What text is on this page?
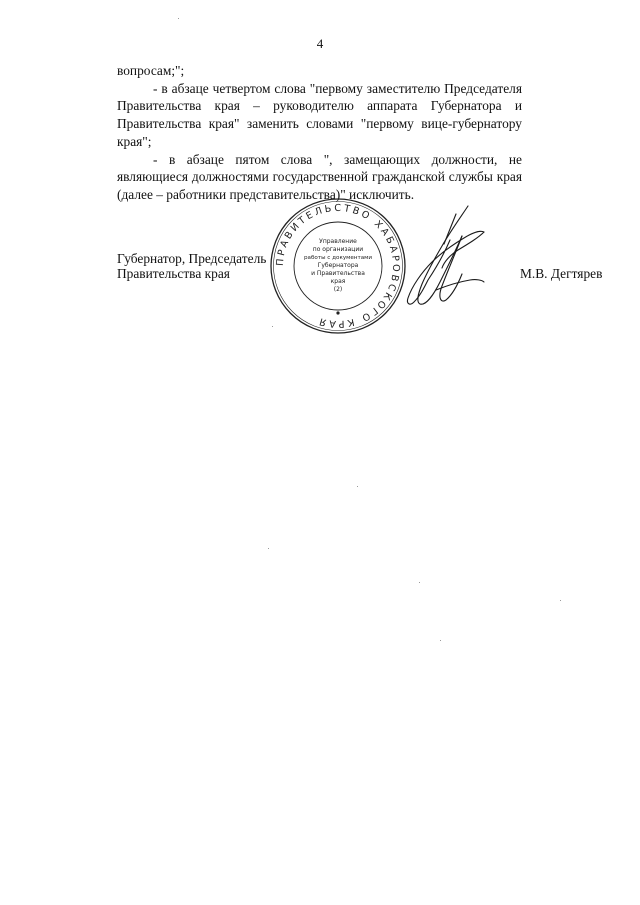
4

вопросам;";

- в абзаце четвертом слова "первому заместителю Председателя Правительства края – руководителю аппарата Губернатора и Правительства края" заменить словами "первому вице-губернатору края";

- в абзаце пятом слова ", замещающих должности, не являющиеся должностями государственной гражданской службы края (далее – работники представительства)" исключить.

Губернатор, Председатель
Правительства края	М.В. Дегтярев
ПРАВИТЕЛЬСТВО ХАБАРОВСКОГО КРАЯ
Управление
по организации
работы с документами
Губернатора
и Правительства
края
(2)
